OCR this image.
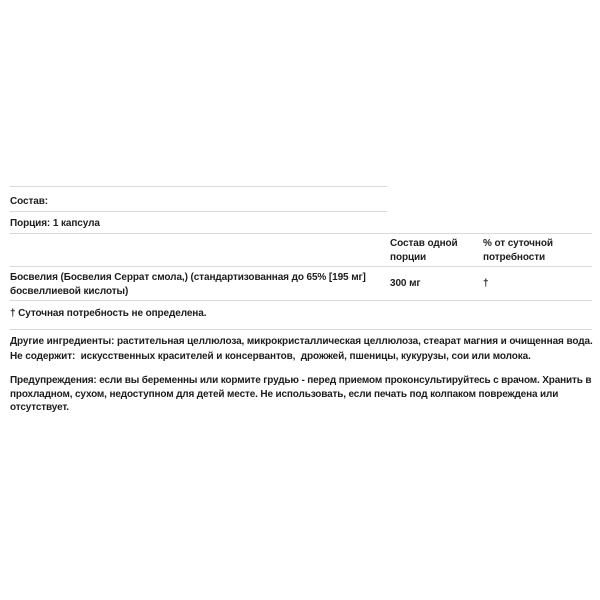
Состав:
Порция: 1 капсула
Состав одной порции
% от суточной потребности
Босвелия (Босвелия Серрат смола,) (стандартизованная до 65% [195 мг] босвеллиевой кислоты)
300 мг	†
† Суточная потребность не определена.
Другие ингредиенты: растительная целлюлоза, микрокристаллическая целлюлоза, стеарат магния и очищенная вода.
Не содержит:  искусственных красителей и консервантов,  дрожжей, пшеницы, кукурузы, сои или молока.
Предупреждения: если вы беременны или кормите грудью - перед приемом проконсультируйтесь с врачом. Хранить в прохладном, сухом, недоступном для детей месте. Не использовать, если печать под колпаком повреждена или отсутствует.
